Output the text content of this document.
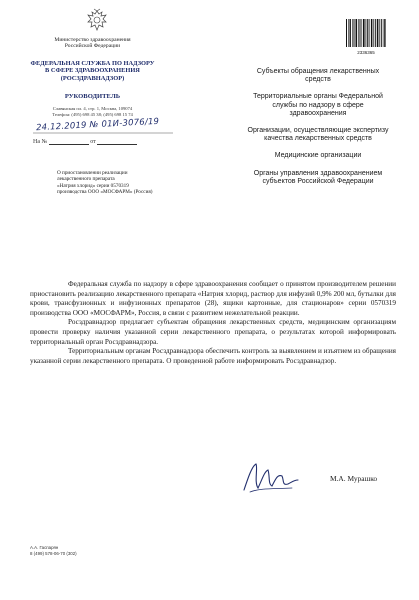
Министерство здравоохранения
Российской Федерации
ФЕДЕРАЛЬНАЯ СЛУЖБА ПО НАДЗОРУ
В СФЕРЕ ЗДРАВООХРАНЕНИЯ
(РОСЗДРАВНАДЗОР)
РУКОВОДИТЕЛЬ
Славянская пл. 4, стр. 1, Москва, 109074
Телефон: (495) 698 45 38; (495) 698 15 74
24.12.2019 № 01И-3076/19
На №	от
О приостановлении реализации
лекарственного препарата
«Натрия хлорид» серии 0570319
производства ООО «МОСФАРМ» (Россия)
2336365
Субъекты обращения лекарственных средств
Территориальные органы Федеральной службы по надзору в сфере здравоохранения
Организации, осуществляющие экспертизу качества лекарственных средств
Медицинские организации
Органы управления здравоохранением субъектов Российской Федерации

Федеральная служба по надзору в сфере здравоохранения сообщает о принятом производителем решении приостановить реализацию лекарственного препарата «Натрия хлорид, раствор для инфузий 0,9% 200 мл, бутылки для крови, трансфузионных и инфузионных препаратов (28), ящики картонные, для стационаров» серии 0570319 производства ООО «МОСФАРМ», Россия, в связи с развитием нежелательной реакции.

Росздравнадзор предлагает субъектам обращения лекарственных средств, медицинским организациям провести проверку наличия указанной серии лекарственного препарата, о результатах которой информировать территориальный орган Росздравнадзора.

Территориальным органам Росздравнадзора обеспечить контроль за выявлением и изъятием из обращения указанной серии лекарственного препарата. О проведенной работе информировать Росздравнадзор.

М.А. Мурашко
А.А. Гаспарян
8 (499) 578-06-70 (302)
